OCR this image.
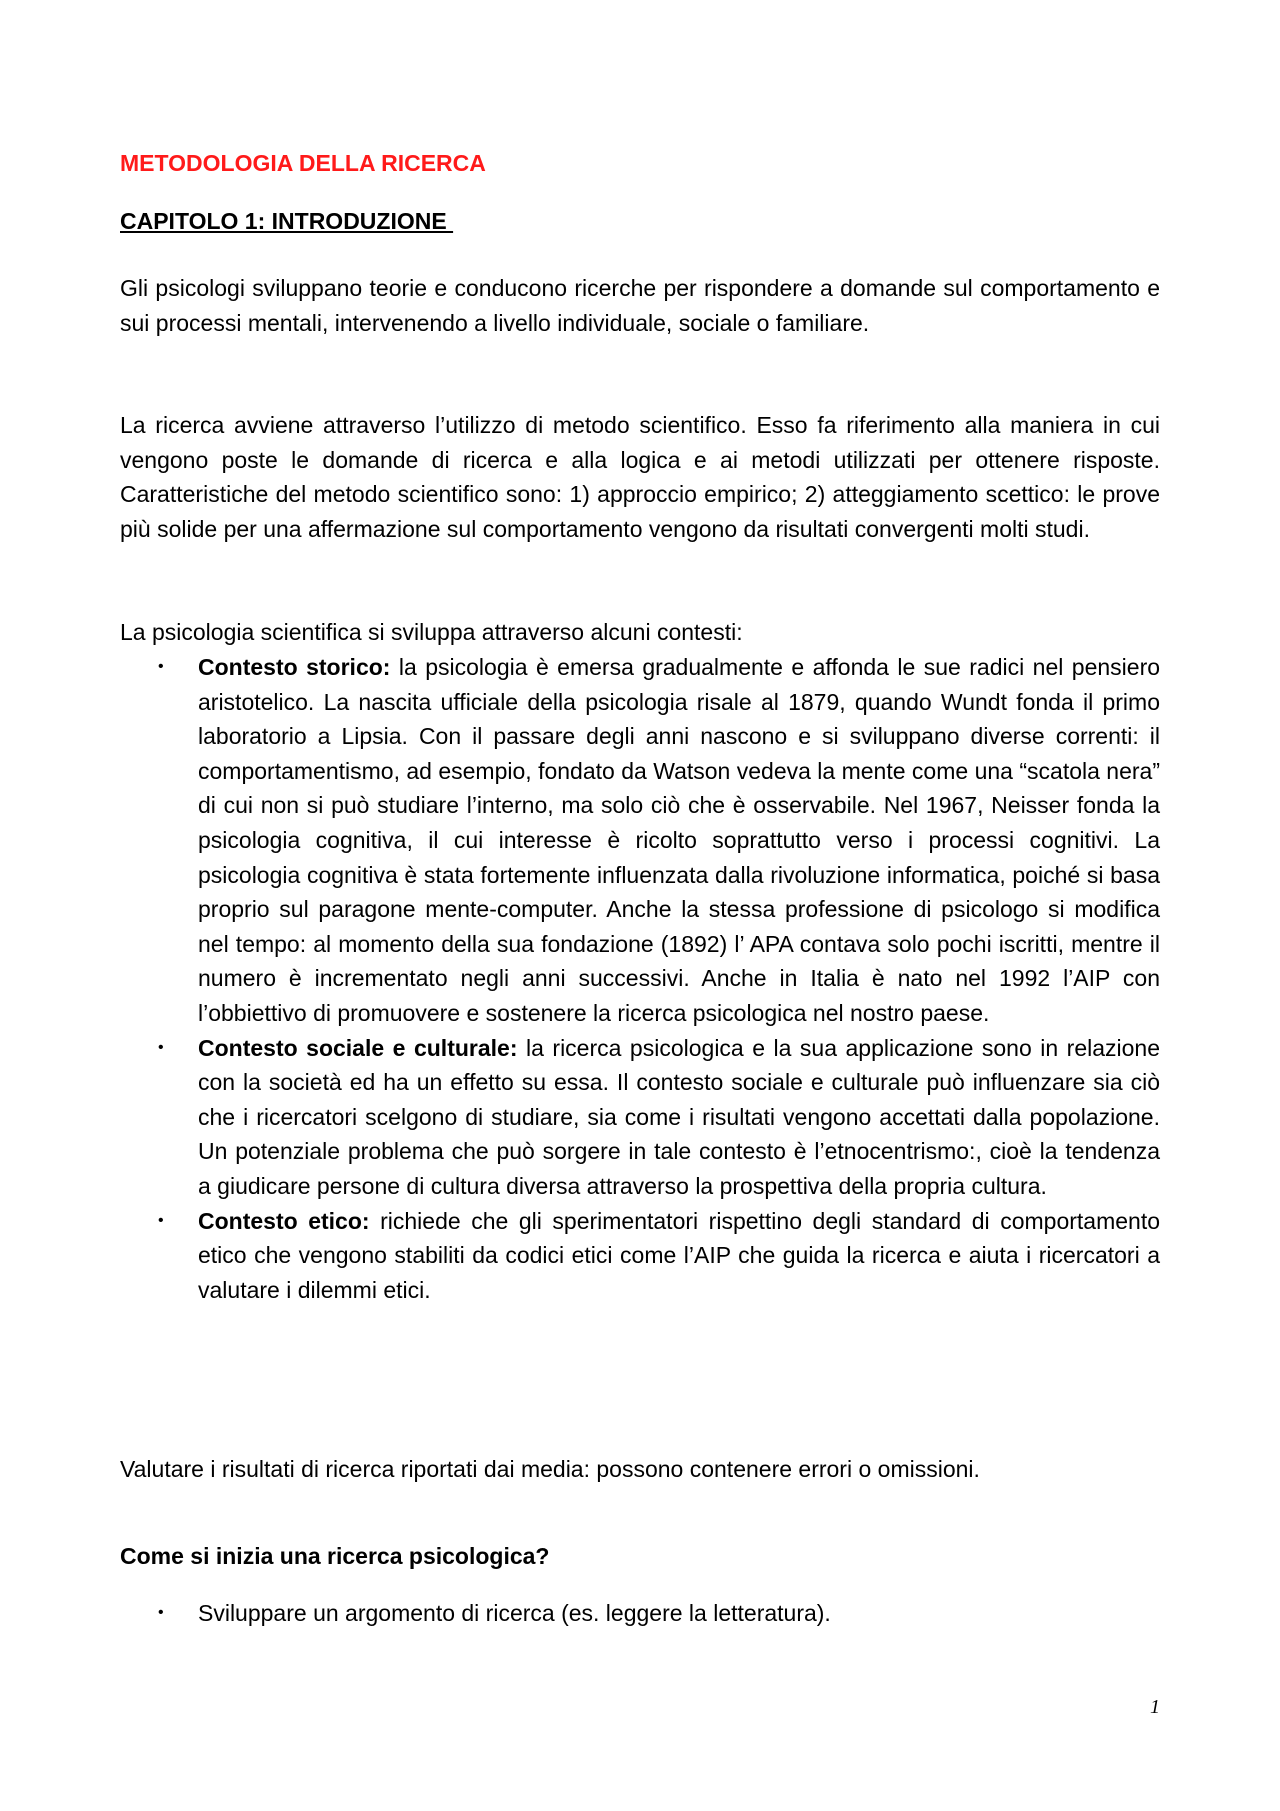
METODOLOGIA DELLA RICERCA
CAPITOLO 1: INTRODUZIONE

Gli psicologi sviluppano teorie e conducono ricerche per rispondere a domande sul comportamento e sui processi mentali, intervenendo a livello individuale, sociale o familiare.

La ricerca avviene attraverso l’utilizzo di metodo scientifico. Esso fa riferimento alla maniera in cui vengono poste le domande di ricerca e alla logica e ai metodi utilizzati per ottenere risposte. Caratteristiche del metodo scientifico sono: 1) approccio empirico; 2) atteggiamento scettico: le prove più solide per una affermazione sul comportamento vengono da risultati convergenti molti studi.

La psicologia scientifica si sviluppa attraverso alcuni contesti:

• Contesto storico: la psicologia è emersa gradualmente e affonda le sue radici nel pensiero aristotelico. La nascita ufficiale della psicologia risale al 1879, quando Wundt fonda il primo laboratorio a Lipsia. Con il passare degli anni nascono e si sviluppano diverse correnti: il comportamentismo, ad esempio, fondato da Watson vedeva la mente come una “scatola nera” di cui non si può studiare l’interno, ma solo ciò che è osservabile. Nel 1967, Neisser fonda la psicologia cognitiva, il cui interesse è ricolto soprattutto verso i processi cognitivi. La psicologia cognitiva è stata fortemente influenzata dalla rivoluzione informatica, poiché si basa proprio sul paragone mente-computer. Anche la stessa professione di psicologo si modifica nel tempo: al momento della sua fondazione (1892) l’ APA contava solo pochi iscritti, mentre il numero è incrementato negli anni successivi. Anche in Italia è nato nel 1992 l’AIP con l’obbiettivo di promuovere e sostenere la ricerca psicologica nel nostro paese.
• Contesto sociale e culturale: la ricerca psicologica e la sua applicazione sono in relazione con la società ed ha un effetto su essa. Il contesto sociale e culturale può influenzare sia ciò che i ricercatori scelgono di studiare, sia come i risultati vengono accettati dalla popolazione. Un potenziale problema che può sorgere in tale contesto è l’etnocentrismo:, cioè la tendenza a giudicare persone di cultura diversa attraverso la prospettiva della propria cultura.
• Contesto etico: richiede che gli sperimentatori rispettino degli standard di comportamento etico che vengono stabiliti da codici etici come l’AIP che guida la ricerca e aiuta i ricercatori a valutare i dilemmi etici.

Valutare i risultati di ricerca riportati dai media: possono contenere errori o omissioni.

Come si inizia una ricerca psicologica?
• Sviluppare un argomento di ricerca (es. leggere la letteratura).
1
